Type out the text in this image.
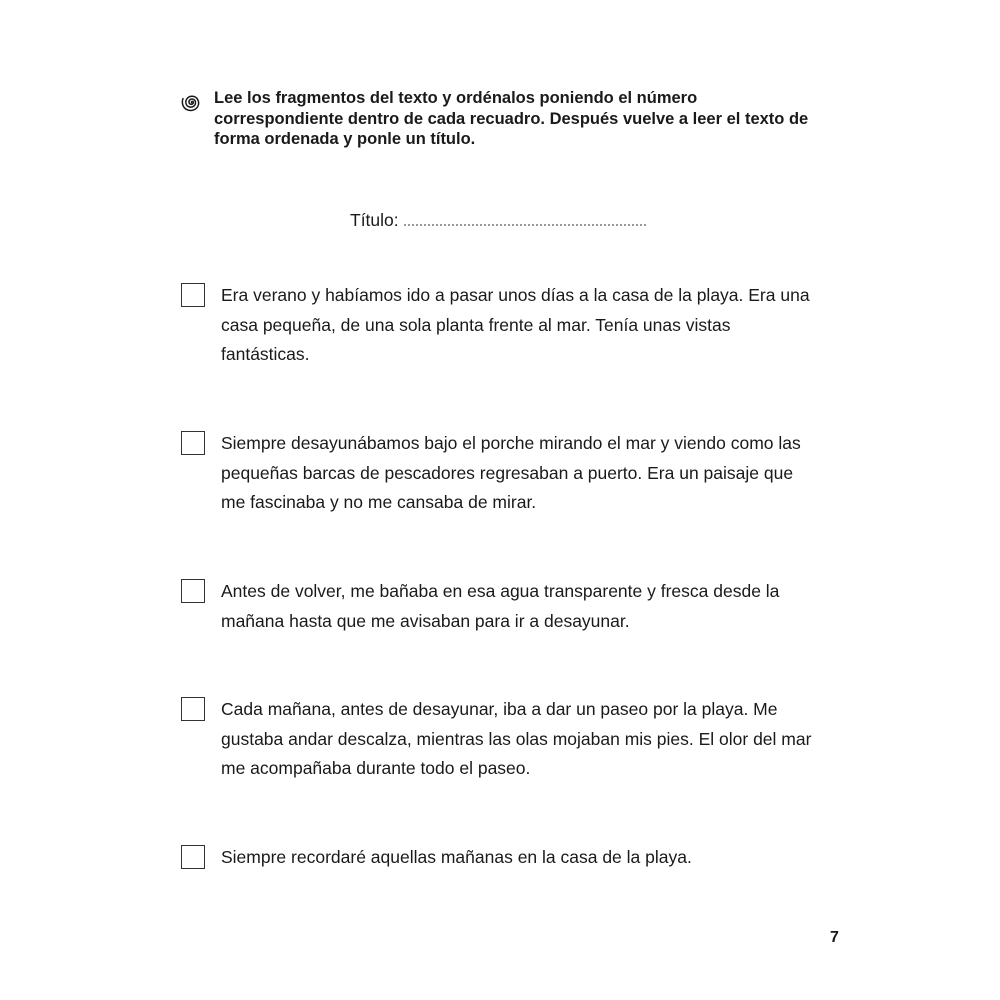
Lee los fragmentos del texto y ordénalos poniendo el número correspondiente dentro de cada recuadro. Después vuelve a leer el texto de forma ordenada y ponle un título.
Título:
Era verano y habíamos ido a pasar unos días a la casa de la playa. Era una casa pequeña, de una sola planta frente al mar. Tenía unas vistas fantásticas.
Siempre desayunábamos bajo el porche mirando el mar y viendo como las pequeñas barcas de pescadores regresaban a puerto. Era un paisaje que me fascinaba y no me cansaba de mirar.
Antes de volver, me bañaba en esa agua transparente y fresca desde la mañana hasta que me avisaban para ir a desayunar.
Cada mañana, antes de desayunar, iba a dar un paseo por la playa. Me gustaba andar descalza, mientras las olas mojaban mis pies. El olor del mar me acompañaba durante todo el paseo.
Siempre recordaré aquellas mañanas en la casa de la playa.
7
